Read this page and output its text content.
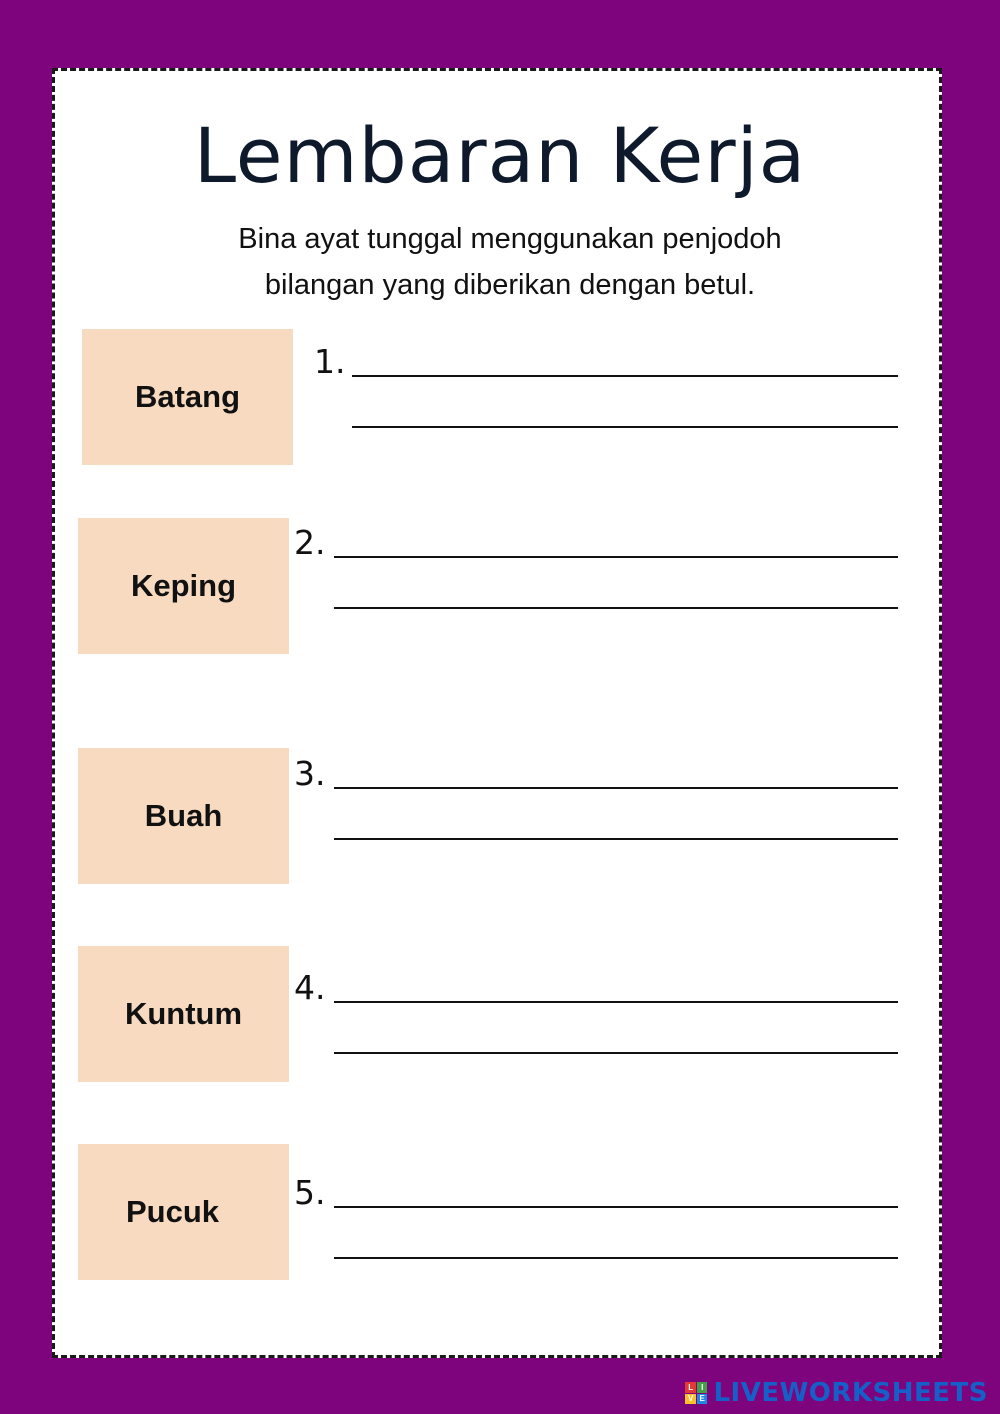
Lembaran Kerja
Bina ayat tunggal menggunakan penjodoh
bilangan yang diberikan dengan betul.
Batang
1.
Keping
2.
Buah
3.
Kuntum
4.
Pucuk 5.
L I
V E LIVEWORKSHEETS
